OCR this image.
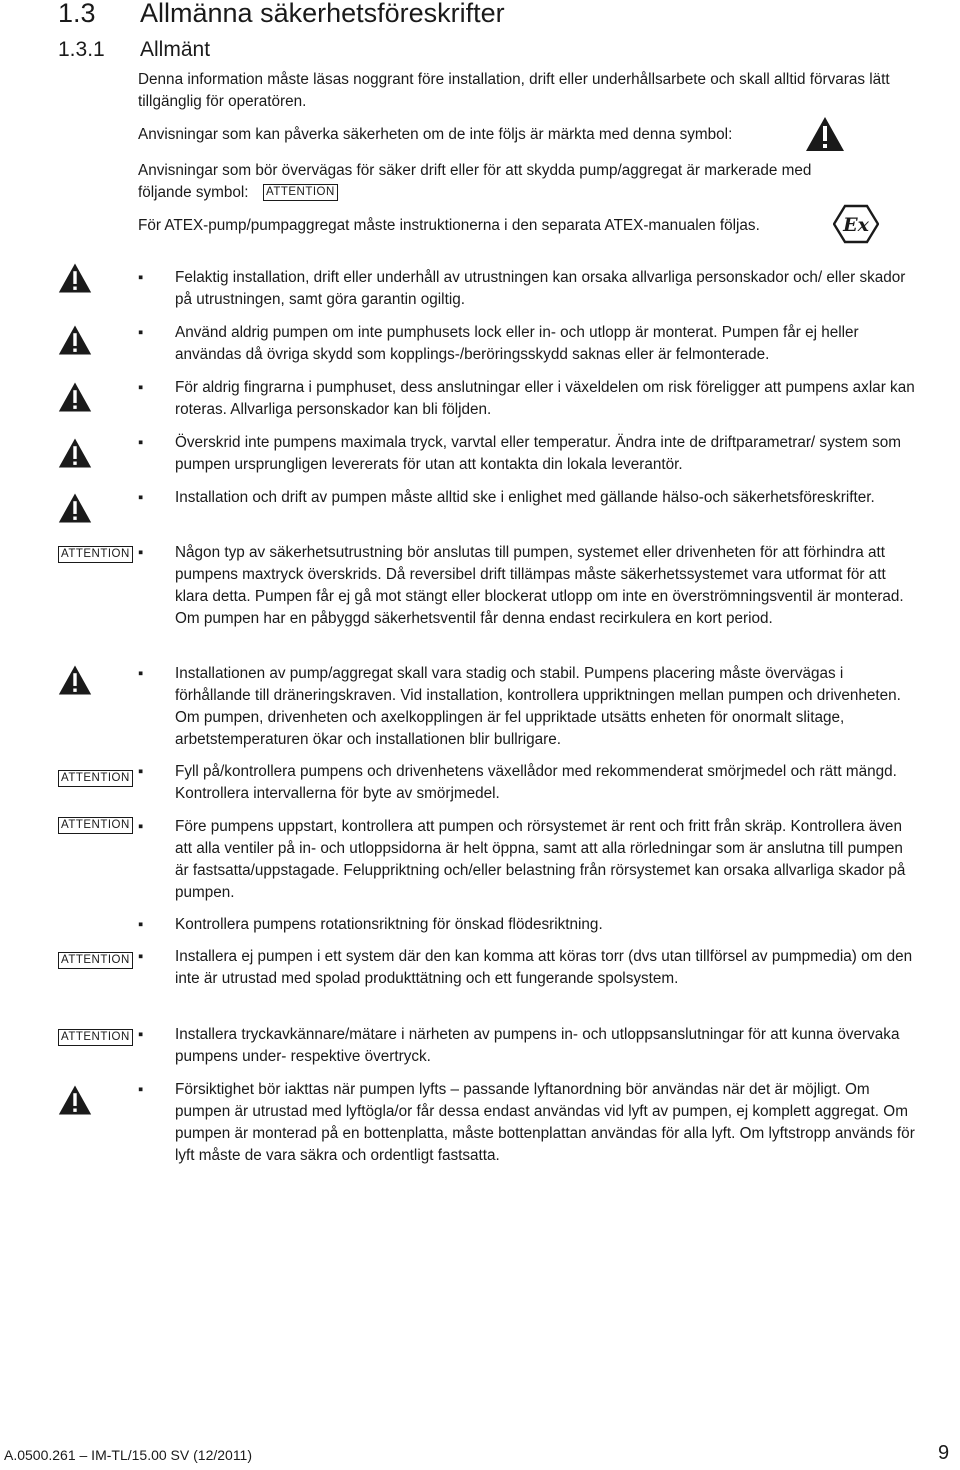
1.3 Allmänna säkerhetsföreskrifter
1.3.1 Allmänt
Denna information måste läsas noggrant före installation, drift eller underhållsarbete och skall alltid förvaras lätt tillgänglig för operatören.
Anvisningar som kan påverka säkerheten om de inte följs är märkta med denna symbol:
Anvisningar som bör övervägas för säker drift eller för att skydda pump/aggregat är markerade med
följande symbol: ATTENTION
För ATEX-pump/pumpaggregat måste instruktionerna i den separata ATEX-manualen följas.	Ex
▪ Felaktig installation, drift eller underhåll av utrustningen kan orsaka allvarliga personskador och/ eller skador på utrustningen, samt göra garantin ogiltig.
▪ Använd aldrig pumpen om inte pumphusets lock eller in- och utlopp är monterat. Pumpen får ej heller användas då övriga skydd som kopplings-/beröringsskydd saknas eller är felmonterade.
▪ För aldrig fingrarna i pumphuset, dess anslutningar eller i växeldelen om risk föreligger att pumpens axlar kan roteras. Allvarliga personskador kan bli följden.
▪ Överskrid inte pumpens maximala tryck, varvtal eller temperatur. Ändra inte de driftparametrar/ system som pumpen ursprungligen levererats för utan att kontakta din lokala leverantör.
▪ Installation och drift av pumpen måste alltid ske i enlighet med gällande hälso-och säkerhetsföreskrifter.
ATTENTION ▪ Någon typ av säkerhetsutrustning bör anslutas till pumpen, systemet eller drivenheten för att förhindra att pumpens maxtryck överskrids. Då reversibel drift tillämpas måste säkerhetssystemet vara utformat för att klara detta. Pumpen får ej gå mot stängt eller blockerat utlopp om inte en överströmningsventil är monterad. Om pumpen har en påbyggd säkerhetsventil får denna endast recirkulera en kort period.
▪ Installationen av pump/aggregat skall vara stadig och stabil. Pumpens placering måste övervägas i förhållande till dräneringskraven. Vid installation, kontrollera uppriktningen mellan pumpen och drivenheten. Om pumpen, drivenheten och axelkopplingen är fel uppriktade utsätts enheten för onormalt slitage, arbetstemperaturen ökar och installationen blir bullrigare.
ATTENTION ▪ Fyll på/kontrollera pumpens och drivenhetens växellådor med rekommenderat smörjmedel och rätt mängd. Kontrollera intervallerna för byte av smörjmedel.
ATTENTION ▪ Före pumpens uppstart, kontrollera att pumpen och rörsystemet är rent och fritt från skräp. Kontrollera även att alla ventiler på in- och utloppsidorna är helt öppna, samt att alla rörledningar som är anslutna till pumpen är fastsatta/uppstagade. Feluppriktning och/eller belastning från rörsystemet kan orsaka allvarliga skador på pumpen.
▪ Kontrollera pumpens rotationsriktning för önskad flödesriktning.
ATTENTION ▪ Installera ej pumpen i ett system där den kan komma att köras torr (dvs utan tillförsel av pumpmedia) om den inte är utrustad med spolad produkttätning och ett fungerande spolsystem.
ATTENTION ▪ Installera tryckavkännare/mätare i närheten av pumpens in- och utloppsanslutningar för att kunna övervaka pumpens under- respektive övertryck.
▪ Försiktighet bör iakttas när pumpen lyfts – passande lyftanordning bör användas när det är möjligt. Om pumpen är utrustad med lyftögla/or får dessa endast användas vid lyft av pumpen, ej komplett aggregat. Om pumpen är monterad på en bottenplatta, måste bottenplattan användas för alla lyft. Om lyftstropp används för lyft måste de vara säkra och ordentligt fastsatta.
A.0500.261 – IM-TL/15.00 SV (12/2011)	9
